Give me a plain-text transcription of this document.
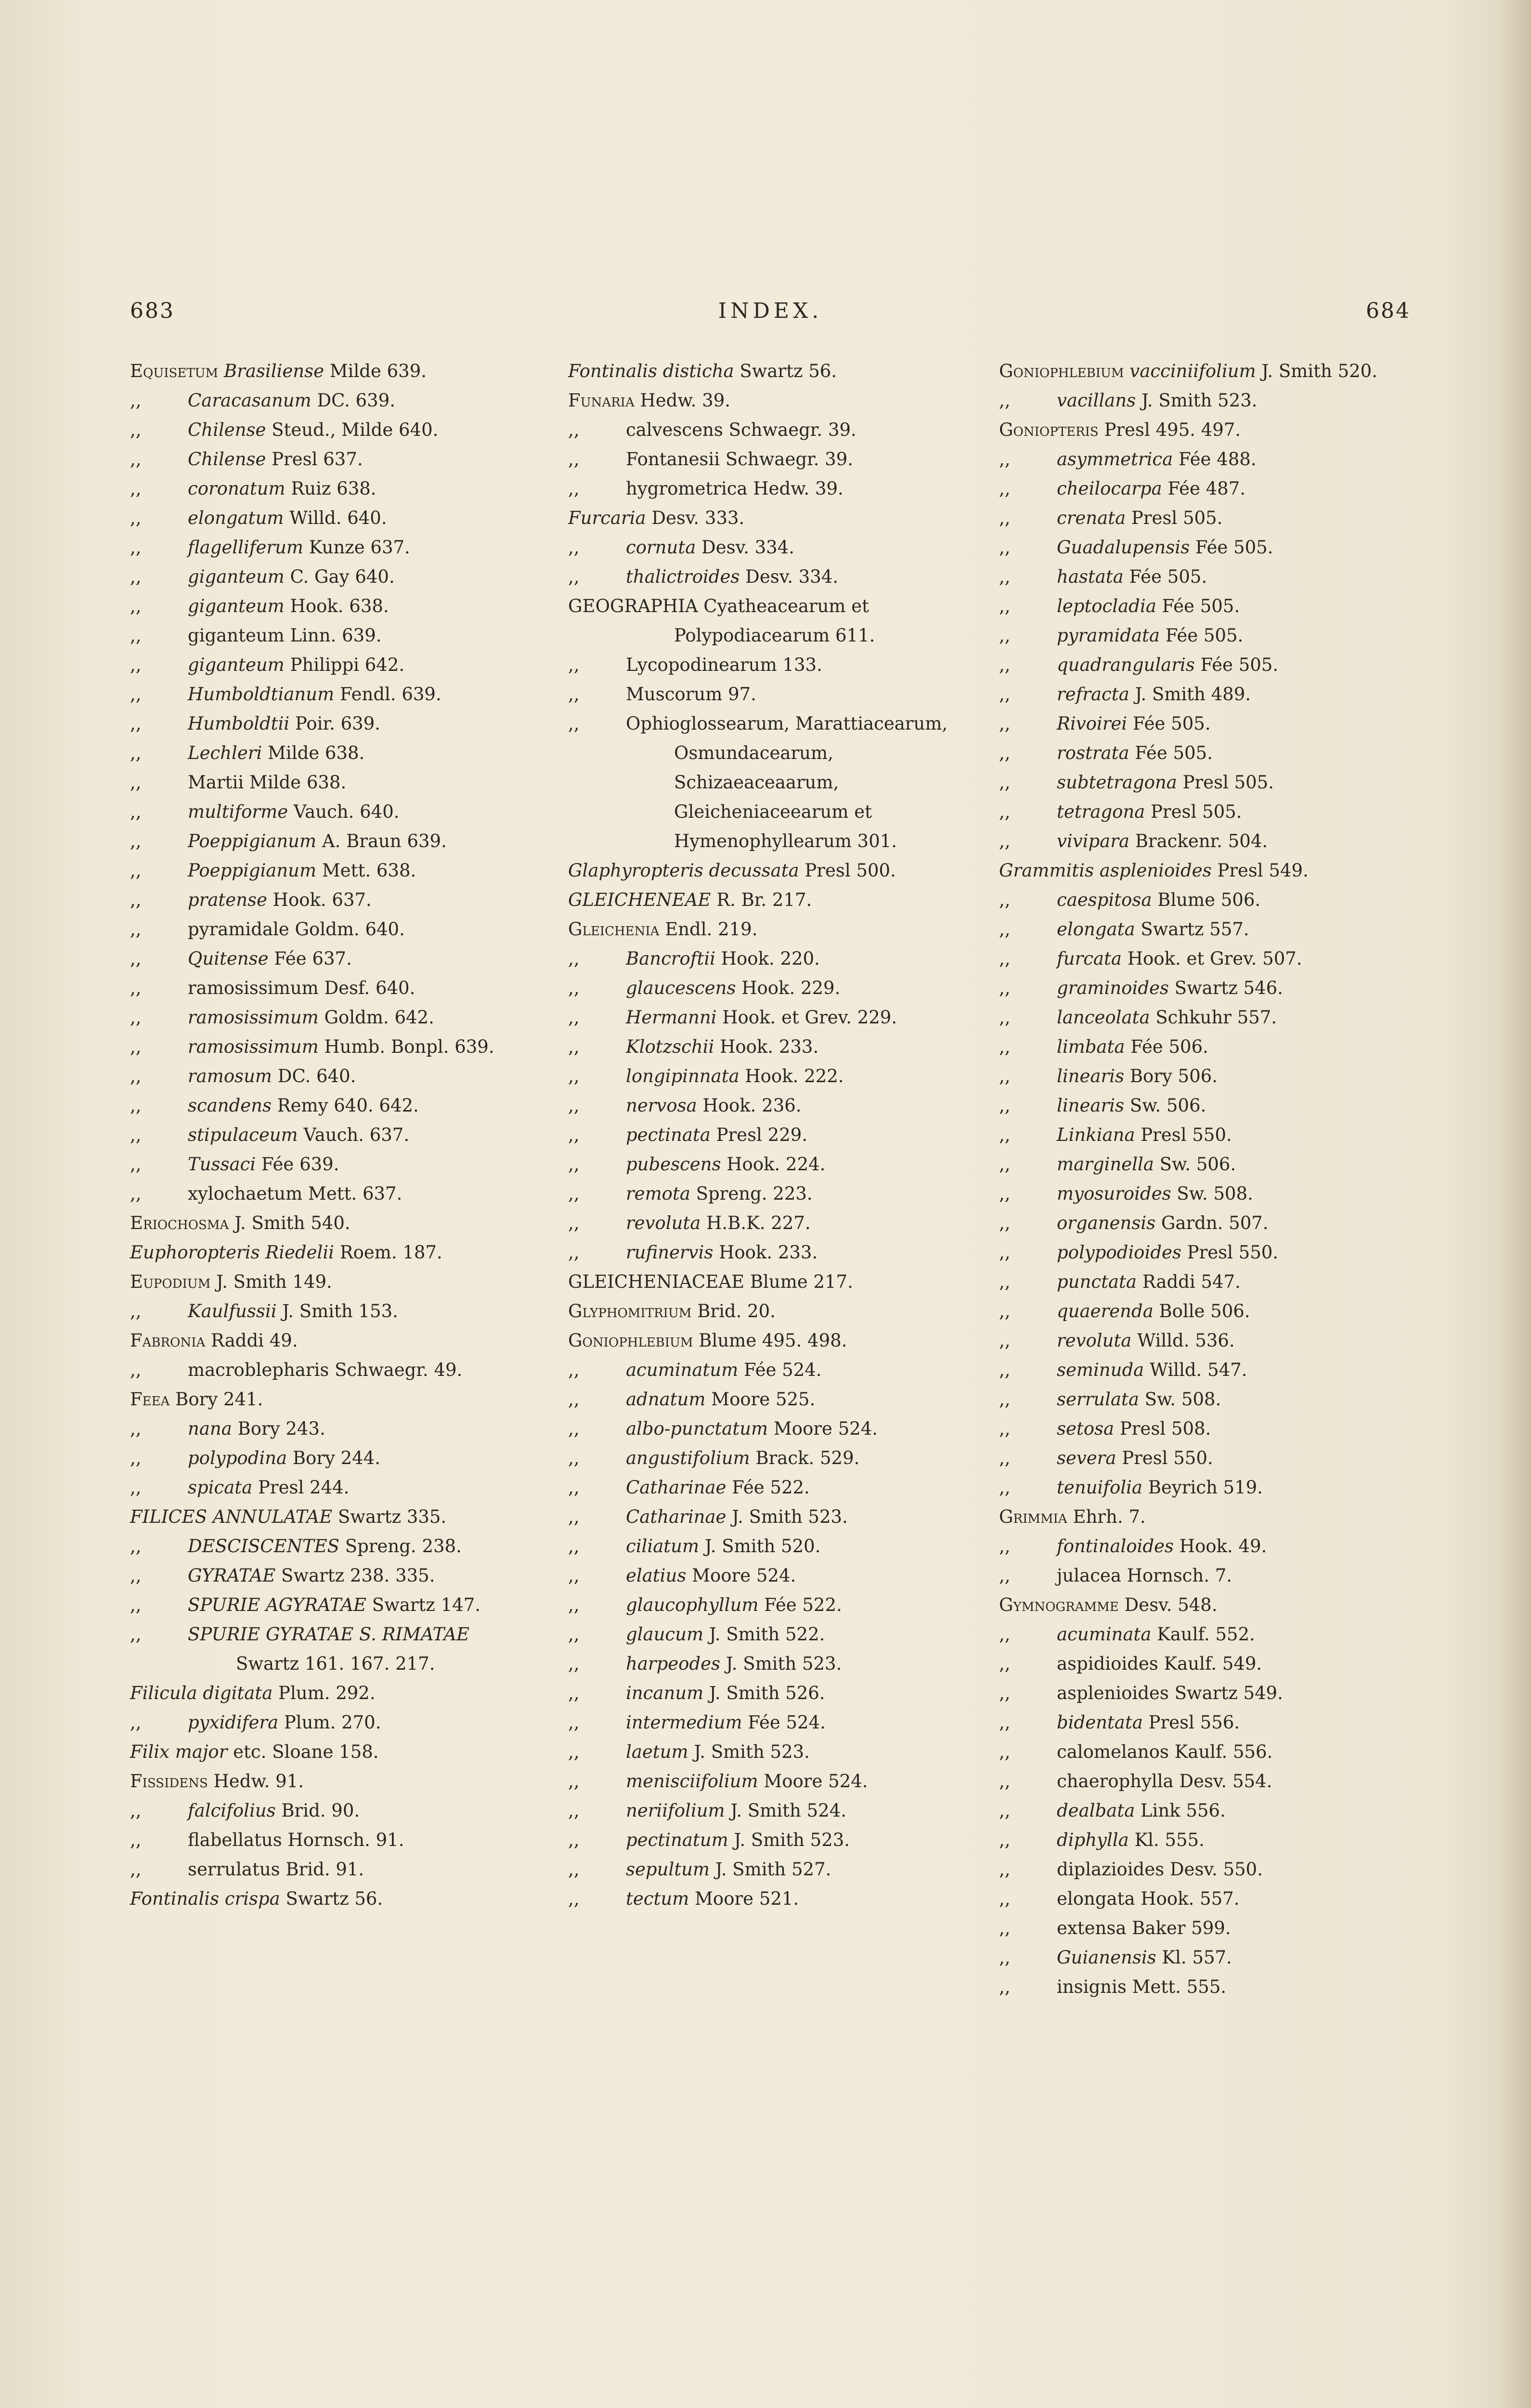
683	INDEX.	684
Equisetum Brasiliense Milde 639.
,,	Caracasanum DC. 639.
,,	Chilense Steud., Milde 640.
,,	Chilense Presl 637.
,,	coronatum Ruiz 638.
,,	elongatum Willd. 640.
,,	flagelliferum Kunze 637.
,,	giganteum C. Gay 640.
,,	giganteum Hook. 638.
,,	giganteum Linn. 639.
,,	giganteum Philippi 642.
,,	Humboldtianum Fendl. 639.
,,	Humboldtii Poir. 639.
,,	Lechleri Milde 638.
,,	Martii Milde 638.
,,	multiforme Vauch. 640.
,,	Poeppigianum A. Braun 639.
,,	Poeppigianum Mett. 638.
,,	pratense Hook. 637.
,,	pyramidale Goldm. 640.
,,	Quitense Fée 637.
,,	ramosissimum Desf. 640.
,,	ramosissimum Goldm. 642.
,,	ramosissimum Humb. Bonpl. 639.
,,	ramosum DC. 640.
,,	scandens Remy 640. 642.
,,	stipulaceum Vauch. 637.
,,	Tussaci Fée 639.
,,	xylochaetum Mett. 637.
Eriochosma J. Smith 540.
Euphoropteris Riedelii Roem. 187.
Eupodium J. Smith 149.
,,	Kaulfussii J. Smith 153.
Fabronia Raddi 49.
,,	macroblepharis Schwaegr. 49.
Feea Bory 241.
,,	nana Bory 243.
,,	polypodina Bory 244.
,,	spicata Presl 244.
FILICES ANNULATAE Swartz 335.
,,	DESCISCENTES Spreng. 238.
,,	GYRATAE Swartz 238. 335.
,,	SPURIE AGYRATAE Swartz 147.
,,	SPURIE GYRATAE S. RIMATAE Swartz 161. 167. 217.
Filicula digitata Plum. 292.
,,	pyxidifera Plum. 270.
Filix major etc. Sloane 158.
Fissidens Hedw. 91.
,,	falcifolius Brid. 90.
,,	flabellatus Hornsch. 91.
,,	serrulatus Brid. 91.
Fontinalis crispa Swartz 56.
Fontinalis disticha Swartz 56.
Funaria Hedw. 39.
,,	calvescens Schwaegr. 39.
,,	Fontanesii Schwaegr. 39.
,,	hygrometrica Hedw. 39.
Furcaria Desv. 333.
,,	cornuta Desv. 334.
,,	thalictroides Desv. 334.
GEOGRAPHIA Cyatheacearum et Polypodiacearum 611.
,,	Lycopodinearum 133.
,,	Muscorum 97.
,,	Ophioglossearum, Marattiacearum, Osmundacearum, Schizaeaceaarum, Gleicheniaceearum et Hymenophyllearum 301.
Glaphyropteris decussata Presl 500.
GLEICHENEAE R. Br. 217.
Gleichenia Endl. 219.
,,	Bancroftii Hook. 220.
,,	glaucescens Hook. 229.
,,	Hermanni Hook. et Grev. 229.
,,	Klotzschii Hook. 233.
,,	longipinnata Hook. 222.
,,	nervosa Hook. 236.
,,	pectinata Presl 229.
,,	pubescens Hook. 224.
,,	remota Spreng. 223.
,,	revoluta H.B.K. 227.
,,	rufinervis Hook. 233.
GLEICHENIACEAE Blume 217.
Glyphomitrium Brid. 20.
Goniophlebium Blume 495. 498.
,,	acuminatum Fée 524.
,,	adnatum Moore 525.
,,	albo-punctatum Moore 524.
,,	angustifolium Brack. 529.
,,	Catharinae Fée 522.
,,	Catharinae J. Smith 523.
,,	ciliatum J. Smith 520.
,,	elatius Moore 524.
,,	glaucophyllum Fée 522.
,,	glaucum J. Smith 522.
,,	harpeodes J. Smith 523.
,,	incanum J. Smith 526.
,,	intermedium Fée 524.
,,	laetum J. Smith 523.
,,	menisciifolium Moore 524.
,,	neriifolium J. Smith 524.
,,	pectinatum J. Smith 523.
,,	sepultum J. Smith 527.
,,	tectum Moore 521.
Goniophlebium vacciniifolium J. Smith 520.
,,	vacillans J. Smith 523.
Goniopteris Presl 495. 497.
,,	asymmetrica Fée 488.
,,	cheilocarpa Fée 487.
,,	crenata Presl 505.
,,	Guadalupensis Fée 505.
,,	hastata Fée 505.
,,	leptocladia Fée 505.
,,	pyramidata Fée 505.
,,	quadrangularis Fée 505.
,,	refracta J. Smith 489.
,,	Rivoirei Fée 505.
,,	rostrata Fée 505.
,,	subtetragona Presl 505.
,,	tetragona Presl 505.
,,	vivipara Brackenr. 504.
Grammitis asplenioides Presl 549.
,,	caespitosa Blume 506.
,,	elongata Swartz 557.
,,	furcata Hook. et Grev. 507.
,,	graminoides Swartz 546.
,,	lanceolata Schkuhr 557.
,,	limbata Fée 506.
,,	linearis Bory 506.
,,	linearis Sw. 506.
,,	Linkiana Presl 550.
,,	marginella Sw. 506.
,,	myosuroides Sw. 508.
,,	organensis Gardn. 507.
,,	polypodioides Presl 550.
,,	punctata Raddi 547.
,,	quaerenda Bolle 506.
,,	revoluta Willd. 536.
,,	seminuda Willd. 547.
,,	serrulata Sw. 508.
,,	setosa Presl 508.
,,	severa Presl 550.
,,	tenuifolia Beyrich 519.
Grimmia Ehrh. 7.
,,	fontinaloides Hook. 49.
,,	julacea Hornsch. 7.
Gymnogramme Desv. 548.
,,	acuminata Kaulf. 552.
,,	aspidioides Kaulf. 549.
,,	asplenioides Swartz 549.
,,	bidentata Presl 556.
,,	calomelanos Kaulf. 556.
,,	chaerophylla Desv. 554.
,,	dealbata Link 556.
,,	diphylla Kl. 555.
,,	diplazioides Desv. 550.
,,	elongata Hook. 557.
,,	extensa Baker 599.
,,	Guianensis Kl. 557.
,,	insignis Mett. 555.
